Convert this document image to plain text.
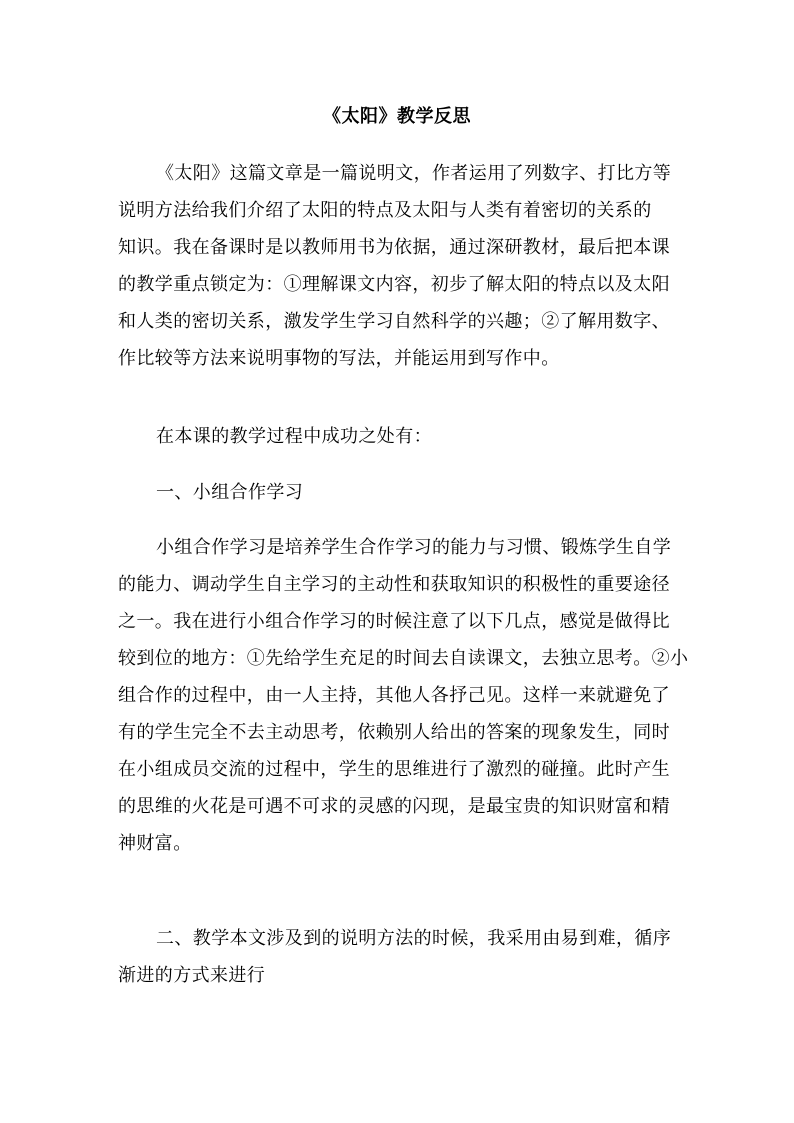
《太阳》教学反思
《太阳》这篇文章是一篇说明文，作者运用了列数字、打比方等
说明方法给我们介绍了太阳的特点及太阳与人类有着密切的关系的
知识。我在备课时是以教师用书为依据，通过深研教材，最后把本课
的教学重点锁定为：①理解课文内容，初步了解太阳的特点以及太阳
和人类的密切关系，激发学生学习自然科学的兴趣；②了解用数字、
作比较等方法来说明事物的写法，并能运用到写作中。
在本课的教学过程中成功之处有：
一、小组合作学习
小组合作学习是培养学生合作学习的能力与习惯、锻炼学生自学
的能力、调动学生自主学习的主动性和获取知识的积极性的重要途径
之一。我在进行小组合作学习的时候注意了以下几点，感觉是做得比
较到位的地方：①先给学生充足的时间去自读课文，去独立思考。②小
组合作的过程中，由一人主持，其他人各抒己见。这样一来就避免了
有的学生完全不去主动思考，依赖别人给出的答案的现象发生，同时
在小组成员交流的过程中，学生的思维进行了激烈的碰撞。此时产生
的思维的火花是可遇不可求的灵感的闪现，是最宝贵的知识财富和精
神财富。
二、教学本文涉及到的说明方法的时候，我采用由易到难，循序
渐进的方式来进行
